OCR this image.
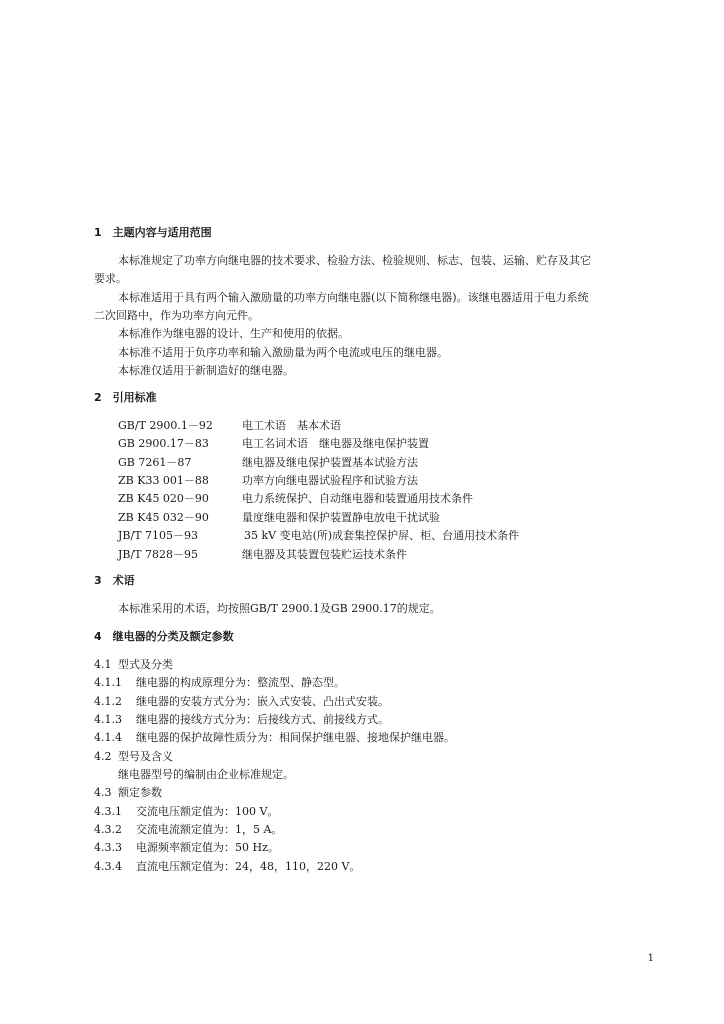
1　主题内容与适用范围
本标准规定了功率方向继电器的技术要求、检验方法、检验规则、标志、包装、运输、贮存及其它
要求。
本标准适用于具有两个输入激励量的功率方向继电器(以下简称继电器)。该继电器适用于电力系统
二次回路中，作为功率方向元件。
本标准作为继电器的设计、生产和使用的依据。
本标准不适用于负序功率和输入激励量为两个电流或电压的继电器。
本标准仅适用于新制造好的继电器。
2　引用标准
GB/T 2900.1－92	电工术语　基本术语
GB 2900.17－83	电工名词术语　继电器及继电保护装置
GB 7261－87	继电器及继电保护装置基本试验方法
ZB K33 001－88	功率方向继电器试验程序和试验方法
ZB K45 020－90	电力系统保护、自动继电器和装置通用技术条件
ZB K45 032－90	量度继电器和保护装置静电放电干扰试验
JB/T 7105－93	35 kV 变电站(所)成套集控保护屏、柜、台通用技术条件
JB/T 7828－95	继电器及其装置包装贮运技术条件
3　术语
本标准采用的术语，均按照GB/T 2900.1及GB 2900.17的规定。
4　继电器的分类及额定参数
4.1 型式及分类
4.1.1 继电器的构成原理分为：整流型、静态型。
4.1.2 继电器的安装方式分为：嵌入式安装、凸出式安装。
4.1.3 继电器的接线方式分为：后接线方式、前接线方式。
4.1.4 继电器的保护故障性质分为：相间保护继电器、接地保护继电器。
4.2 型号及含义
继电器型号的编制由企业标准规定。
4.3 额定参数
4.3.1 交流电压额定值为：100 V。
4.3.2 交流电流额定值为：1，5 A。
4.3.3 电源频率额定值为：50 Hz。
4.3.4 直流电压额定值为：24，48，110，220 V。
1
